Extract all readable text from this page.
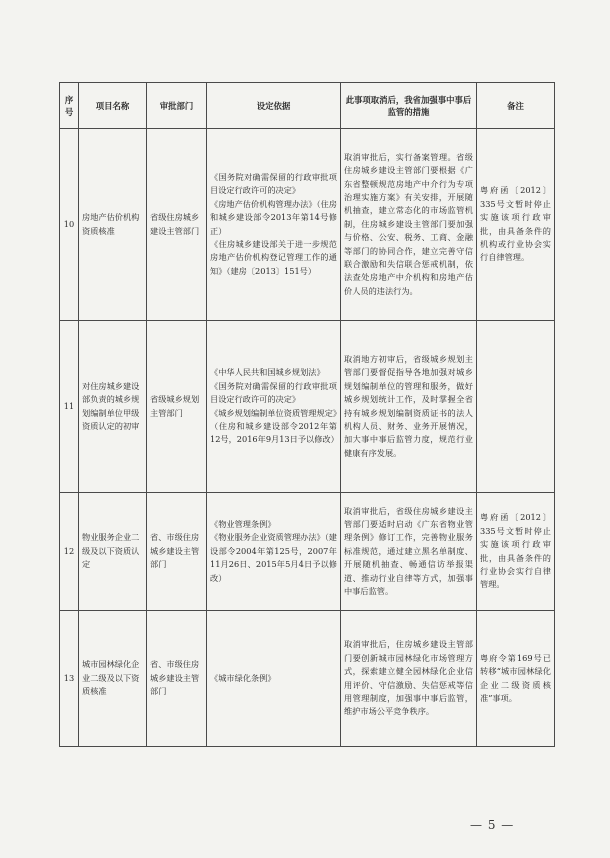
序号	项目名称	审批部门	设定依据	此事项取消后，我省加强事中事后监管的措施	备注
10	房地产估价机构资质核准	省级住房城乡建设主管部门	《国务院对确需保留的行政审批项目设定行政许可的决定》
《房地产估价机构管理办法》（住房和城乡建设部令2013年第14号修正）
《住房城乡建设部关于进一步规范房地产估价机构登记管理工作的通知》（建房〔2013〕151号）	取消审批后，实行备案管理。省级住房城乡建设主管部门要根据《广东省整顿规范房地产中介行为专项治理实施方案》有关安排，开展随机抽查，建立常态化的市场监管机制，住房城乡建设主管部门要加强与价格、公安、税务、工商、金融等部门的协同合作，建立完善守信联合激励和失信联合惩戒机制，依法查处房地产中介机构和房地产估价人员的违法行为。	粤府函〔2012〕335号文暂时停止实施该项行政审批，由具备条件的机构或行业协会实行自律管理。
11	对住房城乡建设部负责的城乡规划编制单位甲级资质认定的初审	省级城乡规划主管部门	《中华人民共和国城乡规划法》
《国务院对确需保留的行政审批项目设定行政许可的决定》
《城乡规划编制单位资质管理规定》（住房和城乡建设部令2012年第12号，2016年9月13日予以修改）	取消地方初审后，省级城乡规划主管部门要督促指导各地加强对城乡规划编制单位的管理和服务，做好城乡规划统计工作，及时掌握全省持有城乡规划编制资质证书的法人机构人员、财务、业务开展情况，加大事中事后监管力度，规范行业健康有序发展。	
12	物业服务企业二级及以下资质认定	省、市级住房城乡建设主管部门	《物业管理条例》
《物业服务企业资质管理办法》（建设部令2004年第125号，2007年11月26日、2015年5月4日予以修改）	取消审批后，省级住房城乡建设主管部门要适时启动《广东省物业管理条例》修订工作，完善物业服务标准规范，通过建立黑名单制度、开展随机抽查、畅通信访举报渠道、推动行业自律等方式，加强事中事后监管。	粤府函〔2012〕335号文暂时停止实施该项行政审批，由具备条件的行业协会实行自律管理。
13	城市园林绿化企业二级及以下资质核准	省、市级住房城乡建设主管部门	《城市绿化条例》	取消审批后，住房城乡建设主管部门要创新城市园林绿化市场管理方式，探索建立健全园林绿化企业信用评价、守信激励、失信惩戒等信用管理制度，加强事中事后监管，维护市场公平竞争秩序。	粤府令第169号已转移“城市园林绿化企业二级资质核准”事项。
— 5 —
